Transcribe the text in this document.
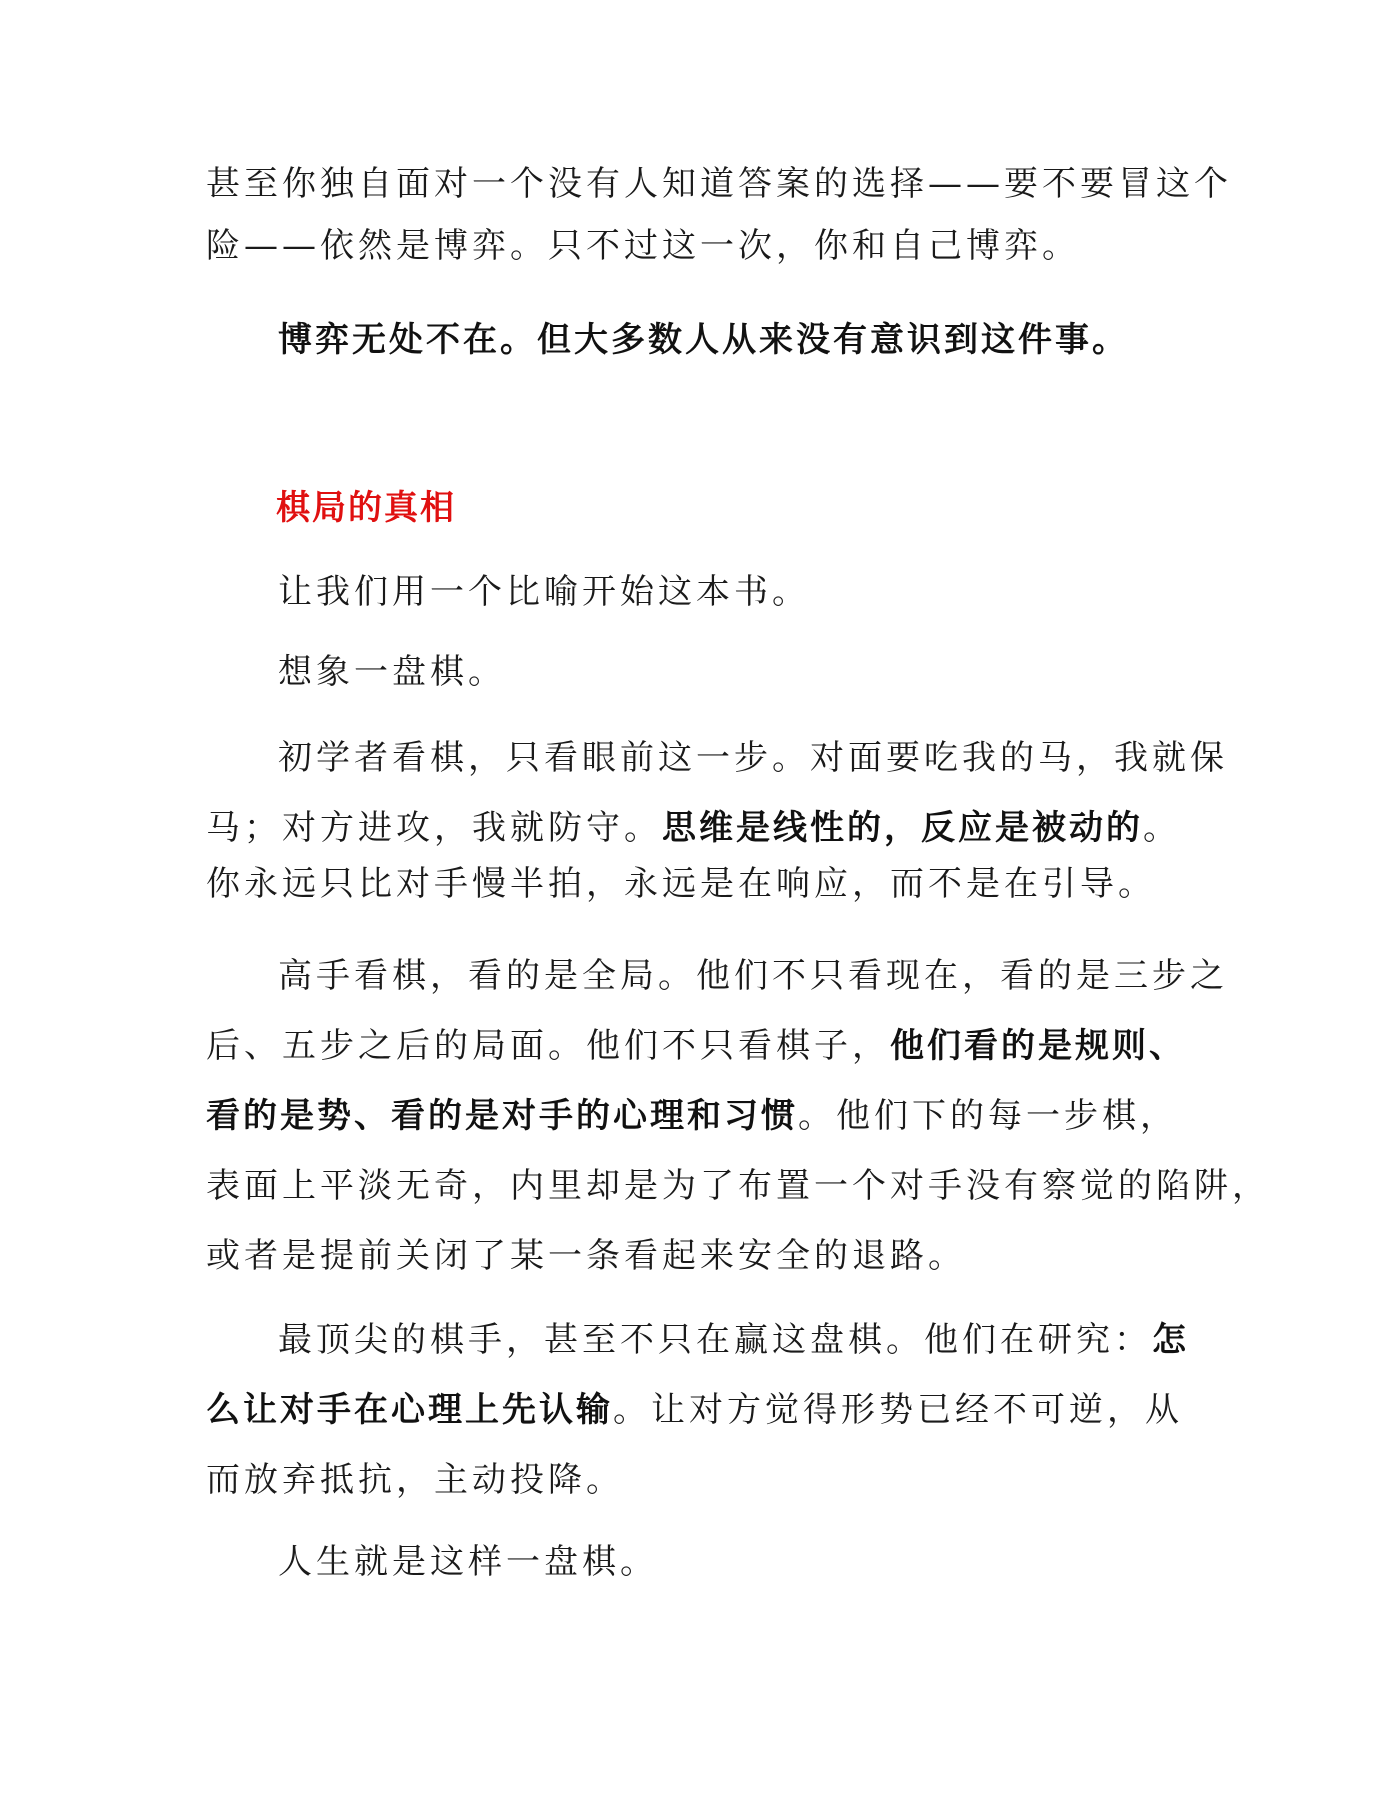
甚至你独自面对一个没有人知道答案的选择——要不要冒这个
险——依然是博弈。只不过这一次，你和自己博弈。
博弈无处不在。但大多数人从来没有意识到这件事。
棋局的真相
让我们用一个比喻开始这本书。
想象一盘棋。
初学者看棋，只看眼前这一步。对面要吃我的马，我就保
马；对方进攻，我就防守。思维是线性的，反应是被动的。
你永远只比对手慢半拍，永远是在响应，而不是在引导。
高手看棋，看的是全局。他们不只看现在，看的是三步之
后、五步之后的局面。他们不只看棋子，他们看的是规则、
看的是势、看的是对手的心理和习惯。他们下的每一步棋，
表面上平淡无奇，内里却是为了布置一个对手没有察觉的陷阱，
或者是提前关闭了某一条看起来安全的退路。
最顶尖的棋手，甚至不只在赢这盘棋。他们在研究：怎
么让对手在心理上先认输。让对方觉得形势已经不可逆，从
而放弃抵抗，主动投降。
人生就是这样一盘棋。
